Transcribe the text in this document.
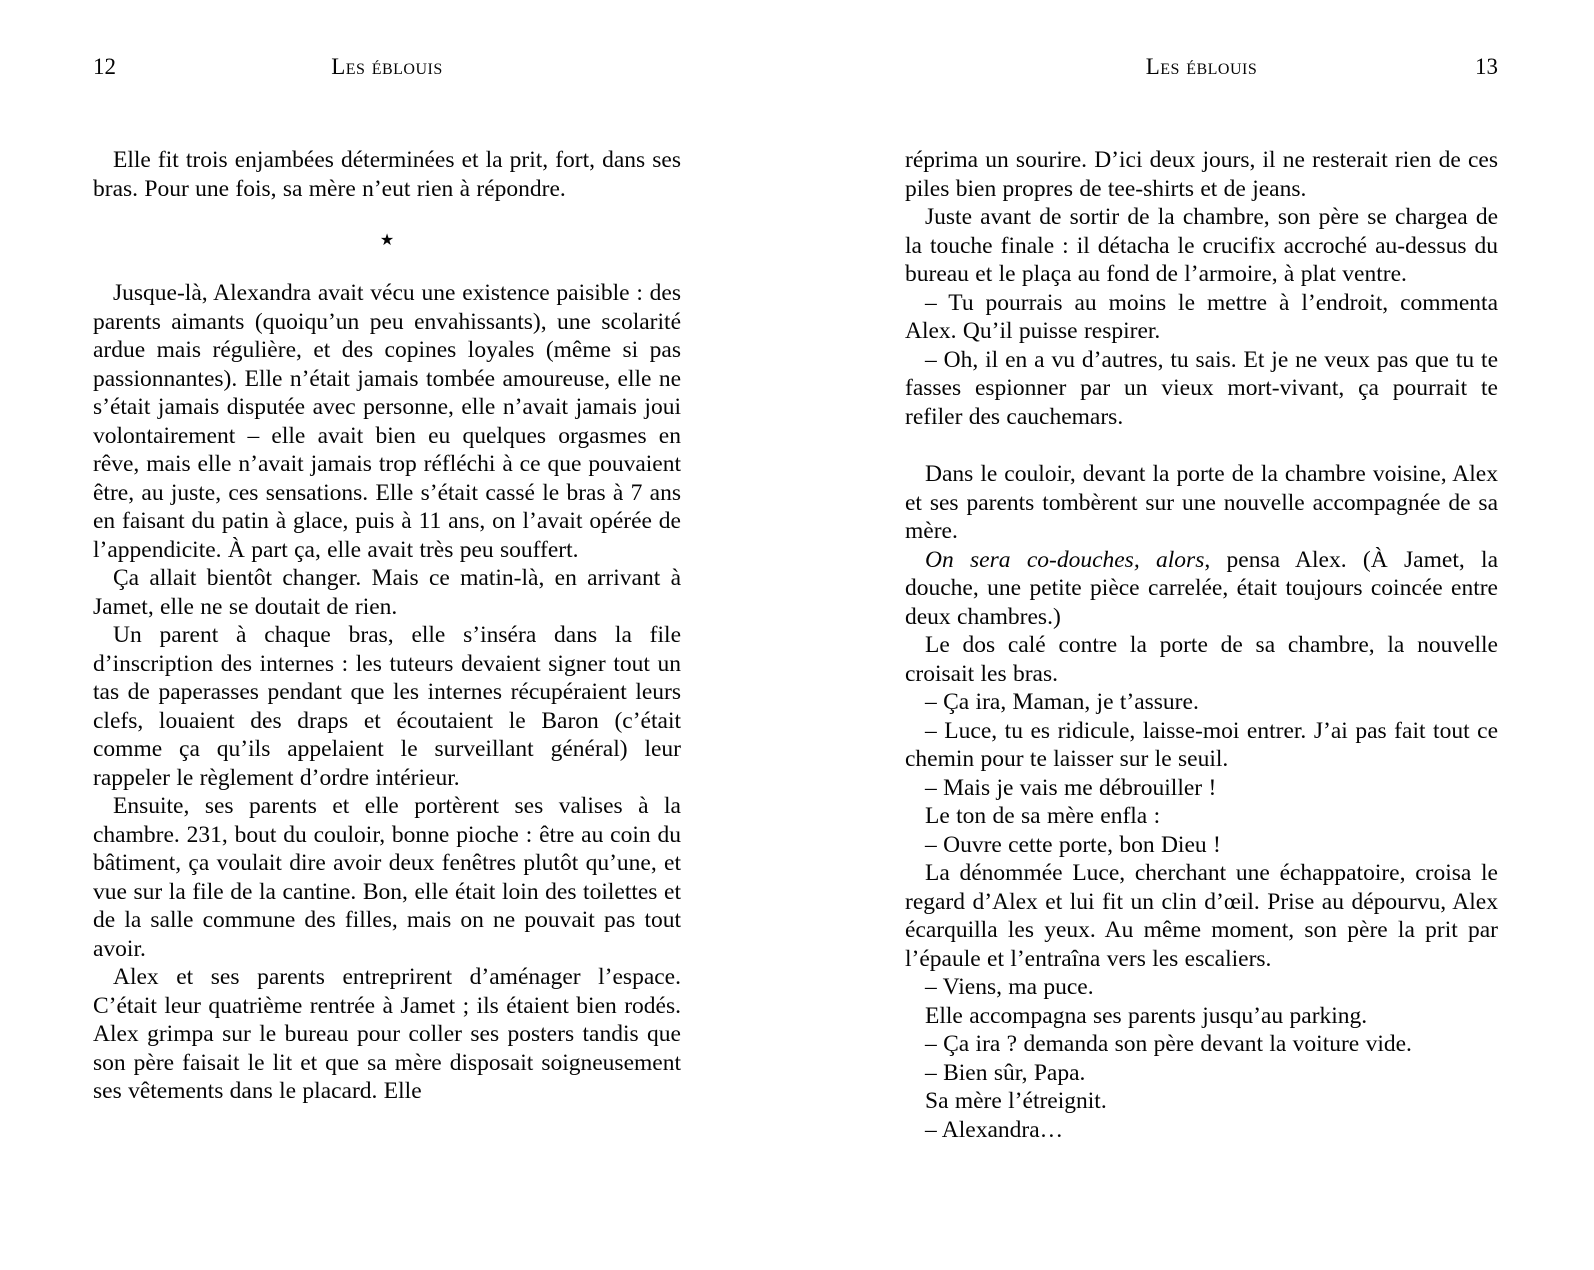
12	Les éblouis

Elle fit trois enjambées déterminées et la prit, fort, dans ses bras. Pour une fois, sa mère n’eut rien à répondre.

★

Jusque-là, Alexandra avait vécu une existence paisible : des parents aimants (quoiqu’un peu envahissants), une scolarité ardue mais régulière, et des copines loyales (même si pas passionnantes). Elle n’était jamais tombée amoureuse, elle ne s’était jamais disputée avec personne, elle n’avait jamais joui volontairement – elle avait bien eu quelques orgasmes en rêve, mais elle n’avait jamais trop réfléchi à ce que pouvaient être, au juste, ces sensations. Elle s’était cassé le bras à 7 ans en faisant du patin à glace, puis à 11 ans, on l’avait opérée de l’appendicite. À part ça, elle avait très peu souffert.

Ça allait bientôt changer. Mais ce matin-là, en arrivant à Jamet, elle ne se doutait de rien.

Un parent à chaque bras, elle s’inséra dans la file d’inscription des internes : les tuteurs devaient signer tout un tas de paperasses pendant que les internes récupéraient leurs clefs, louaient des draps et écoutaient le Baron (c’était comme ça qu’ils appelaient le surveillant général) leur rappeler le règlement d’ordre intérieur.

Ensuite, ses parents et elle portèrent ses valises à la chambre. 231, bout du couloir, bonne pioche : être au coin du bâtiment, ça voulait dire avoir deux fenêtres plutôt qu’une, et vue sur la file de la cantine. Bon, elle était loin des toilettes et de la salle commune des filles, mais on ne pouvait pas tout avoir.

Alex et ses parents entreprirent d’aménager l’espace. C’était leur quatrième rentrée à Jamet ; ils étaient bien rodés. Alex grimpa sur le bureau pour coller ses posters tandis que son père faisait le lit et que sa mère disposait soigneusement ses vêtements dans le placard. Elle

Les éblouis	13

réprima un sourire. D’ici deux jours, il ne resterait rien de ces piles bien propres de tee-shirts et de jeans.

Juste avant de sortir de la chambre, son père se chargea de la touche finale : il détacha le crucifix accroché au-dessus du bureau et le plaça au fond de l’armoire, à plat ventre.

– Tu pourrais au moins le mettre à l’endroit, commenta Alex. Qu’il puisse respirer.

– Oh, il en a vu d’autres, tu sais. Et je ne veux pas que tu te fasses espionner par un vieux mort-vivant, ça pourrait te refiler des cauchemars.

Dans le couloir, devant la porte de la chambre voisine, Alex et ses parents tombèrent sur une nouvelle accompagnée de sa mère.

On sera co-douches, alors, pensa Alex. (À Jamet, la douche, une petite pièce carrelée, était toujours coincée entre deux chambres.)

Le dos calé contre la porte de sa chambre, la nouvelle croisait les bras.

– Ça ira, Maman, je t’assure.

– Luce, tu es ridicule, laisse-moi entrer. J’ai pas fait tout ce chemin pour te laisser sur le seuil.

– Mais je vais me débrouiller !

Le ton de sa mère enfla :

– Ouvre cette porte, bon Dieu !

La dénommée Luce, cherchant une échappatoire, croisa le regard d’Alex et lui fit un clin d’œil. Prise au dépourvu, Alex écarquilla les yeux. Au même moment, son père la prit par l’épaule et l’entraîna vers les escaliers.

– Viens, ma puce.

Elle accompagna ses parents jusqu’au parking.

– Ça ira ? demanda son père devant la voiture vide.

– Bien sûr, Papa.

Sa mère l’étreignit.

– Alexandra…
